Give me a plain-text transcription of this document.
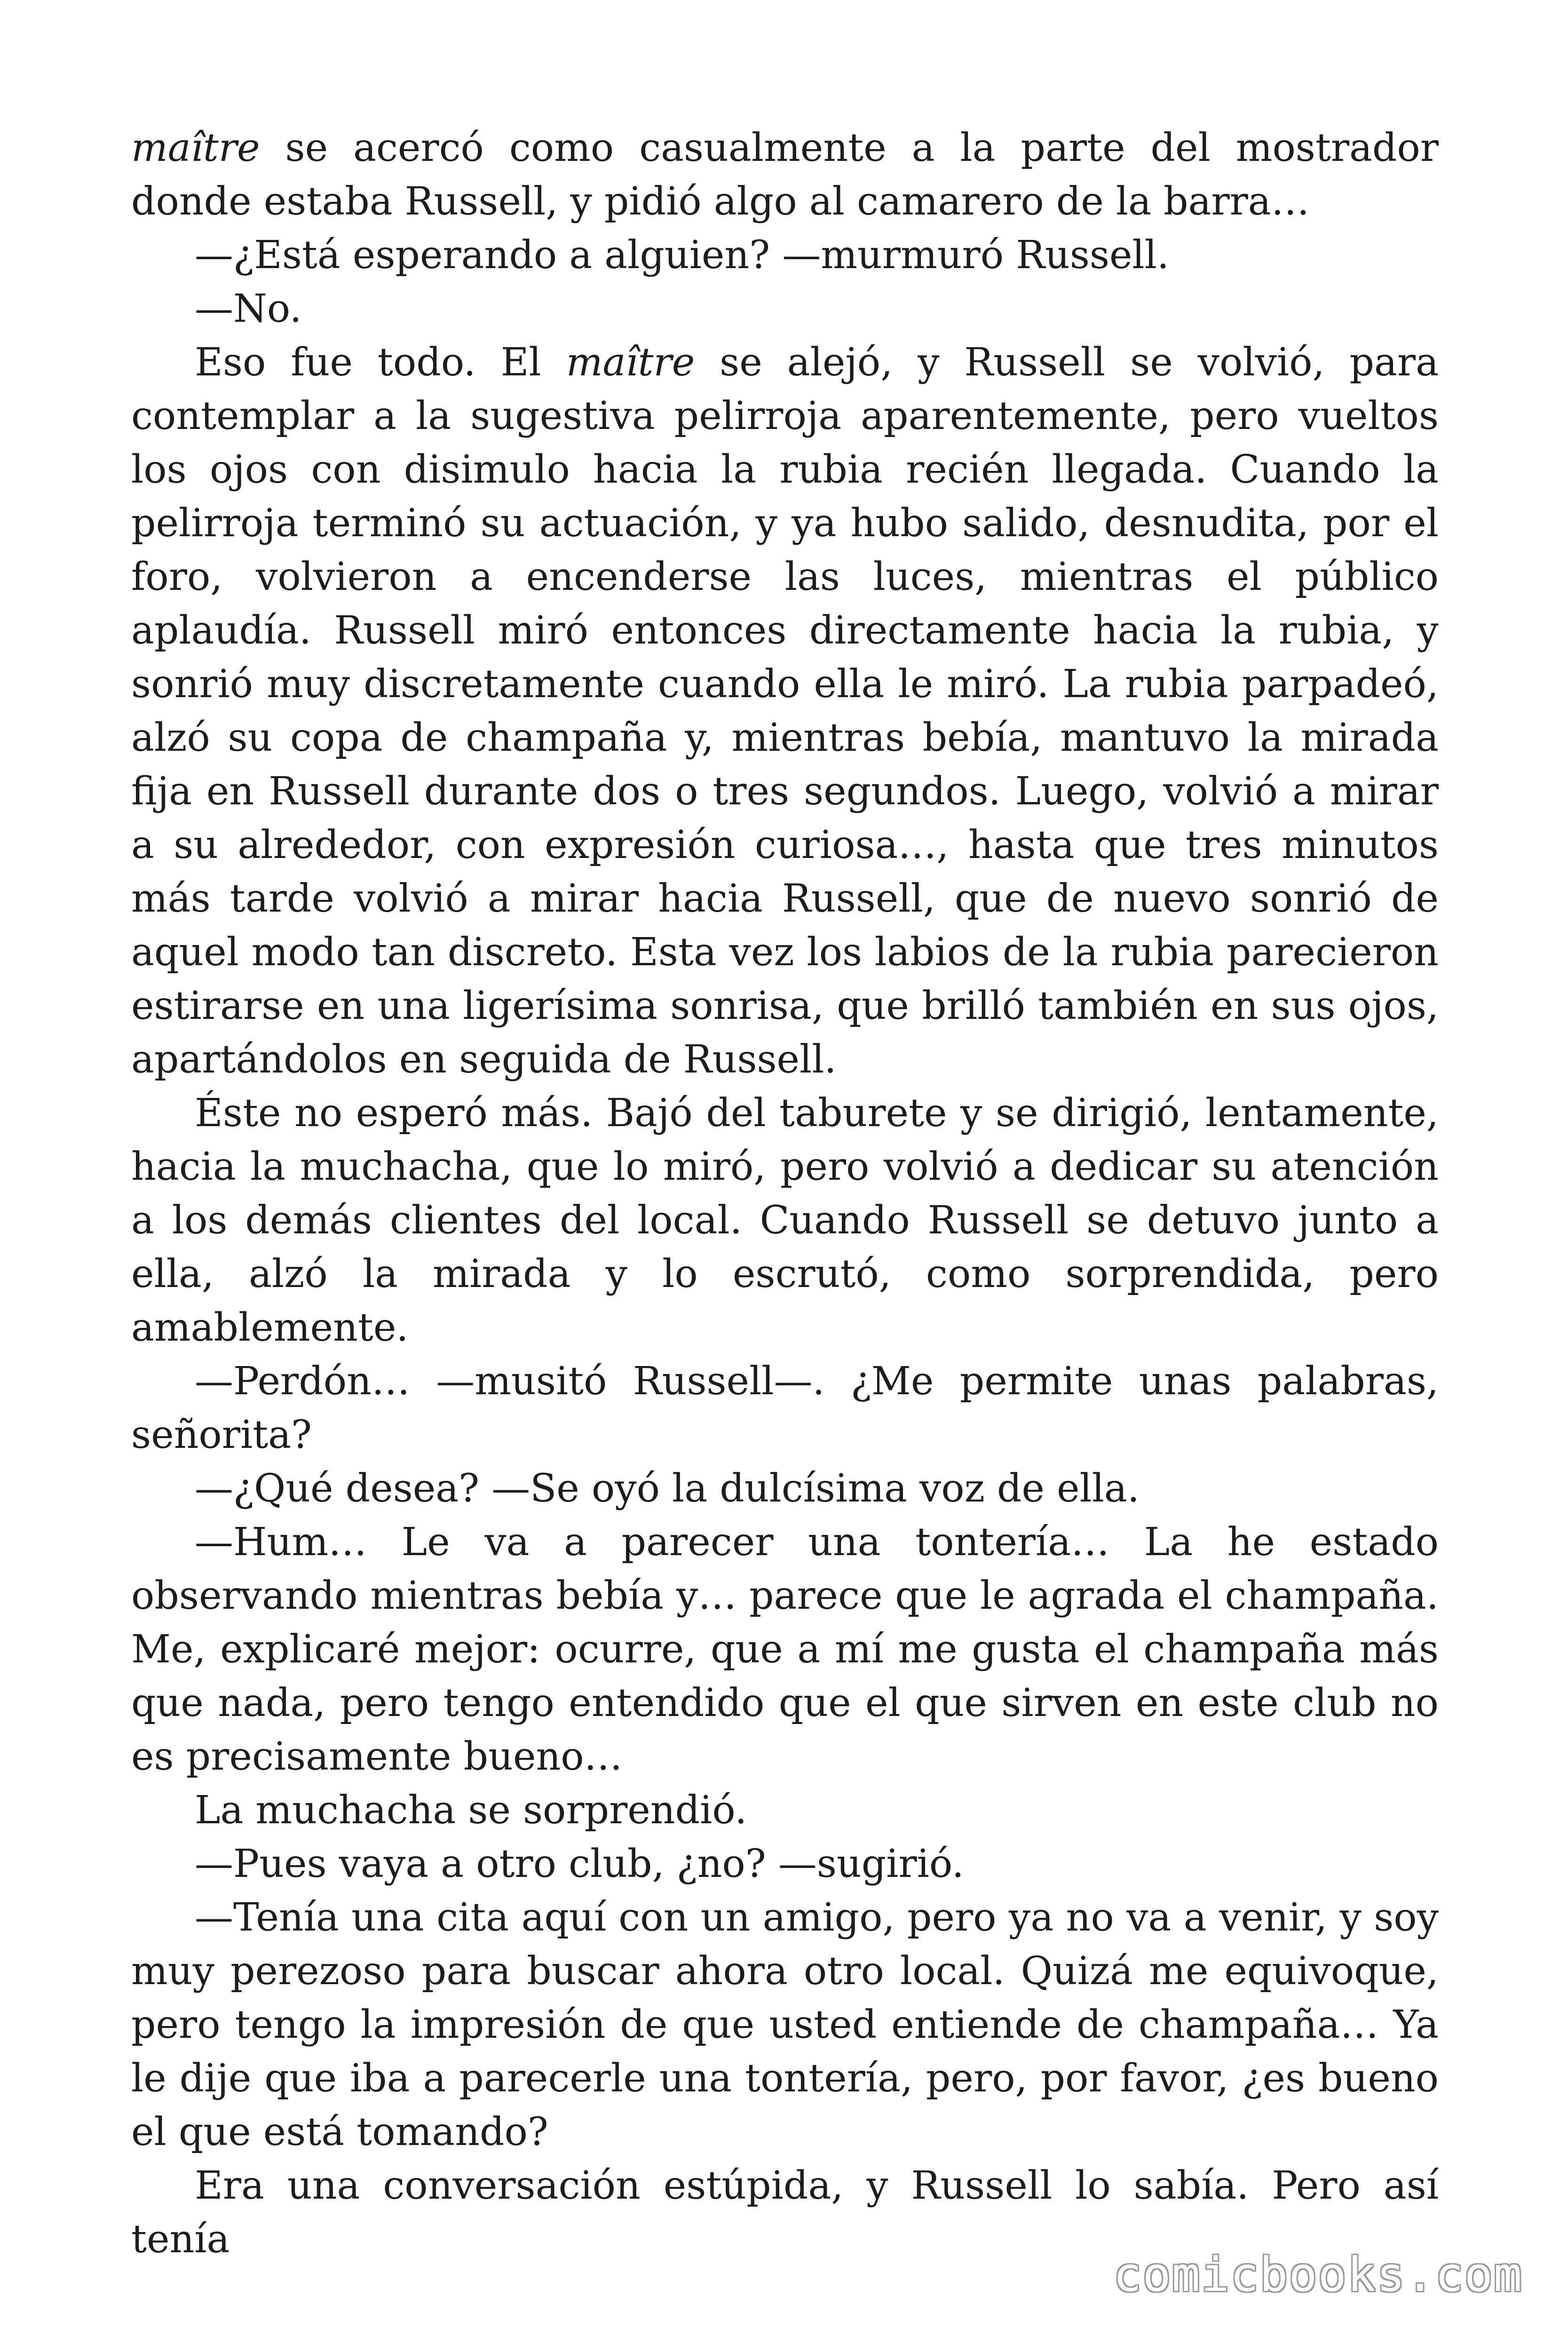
maître se acercó como casualmente a la parte del mostrador donde estaba Russell, y pidió algo al camarero de la barra…

—¿Está esperando a alguien? —murmuró Russell.

—No.

Eso fue todo. El maître se alejó, y Russell se volvió, para contemplar a la sugestiva pelirroja aparentemente, pero vueltos los ojos con disimulo hacia la rubia recién llegada. Cuando la pelirroja terminó su actuación, y ya hubo salido, desnudita, por el foro, volvieron a encenderse las luces, mientras el público aplaudía. Russell miró entonces directamente hacia la rubia, y sonrió muy discretamente cuando ella le miró. La rubia parpadeó, alzó su copa de champaña y, mientras bebía, mantuvo la mirada fija en Russell durante dos o tres segundos. Luego, volvió a mirar a su alrededor, con expresión curiosa…, hasta que tres minutos más tarde volvió a mirar hacia Russell, que de nuevo sonrió de aquel modo tan discreto. Esta vez los labios de la rubia parecieron estirarse en una ligerísima sonrisa, que brilló también en sus ojos, apartándolos en seguida de Russell.

Éste no esperó más. Bajó del taburete y se dirigió, lentamente, hacia la muchacha, que lo miró, pero volvió a dedicar su atención a los demás clientes del local. Cuando Russell se detuvo junto a ella, alzó la mirada y lo escrutó, como sorprendida, pero amablemente.

—Perdón… —musitó Russell—. ¿Me permite unas palabras, señorita?

—¿Qué desea? —Se oyó la dulcísima voz de ella.

—Hum… Le va a parecer una tontería… La he estado observando mientras bebía y… parece que le agrada el champaña. Me, explicaré mejor: ocurre, que a mí me gusta el champaña más que nada, pero tengo entendido que el que sirven en este club no es precisamente bueno…

La muchacha se sorprendió.

—Pues vaya a otro club, ¿no? —sugirió.

—Tenía una cita aquí con un amigo, pero ya no va a venir, y soy muy perezoso para buscar ahora otro local. Quizá me equivoque, pero tengo la impresión de que usted entiende de champaña… Ya le dije que iba a parecerle una tontería, pero, por favor, ¿es bueno el que está tomando?

Era una conversación estúpida, y Russell lo sabía. Pero así tenía

comicbooks.com
